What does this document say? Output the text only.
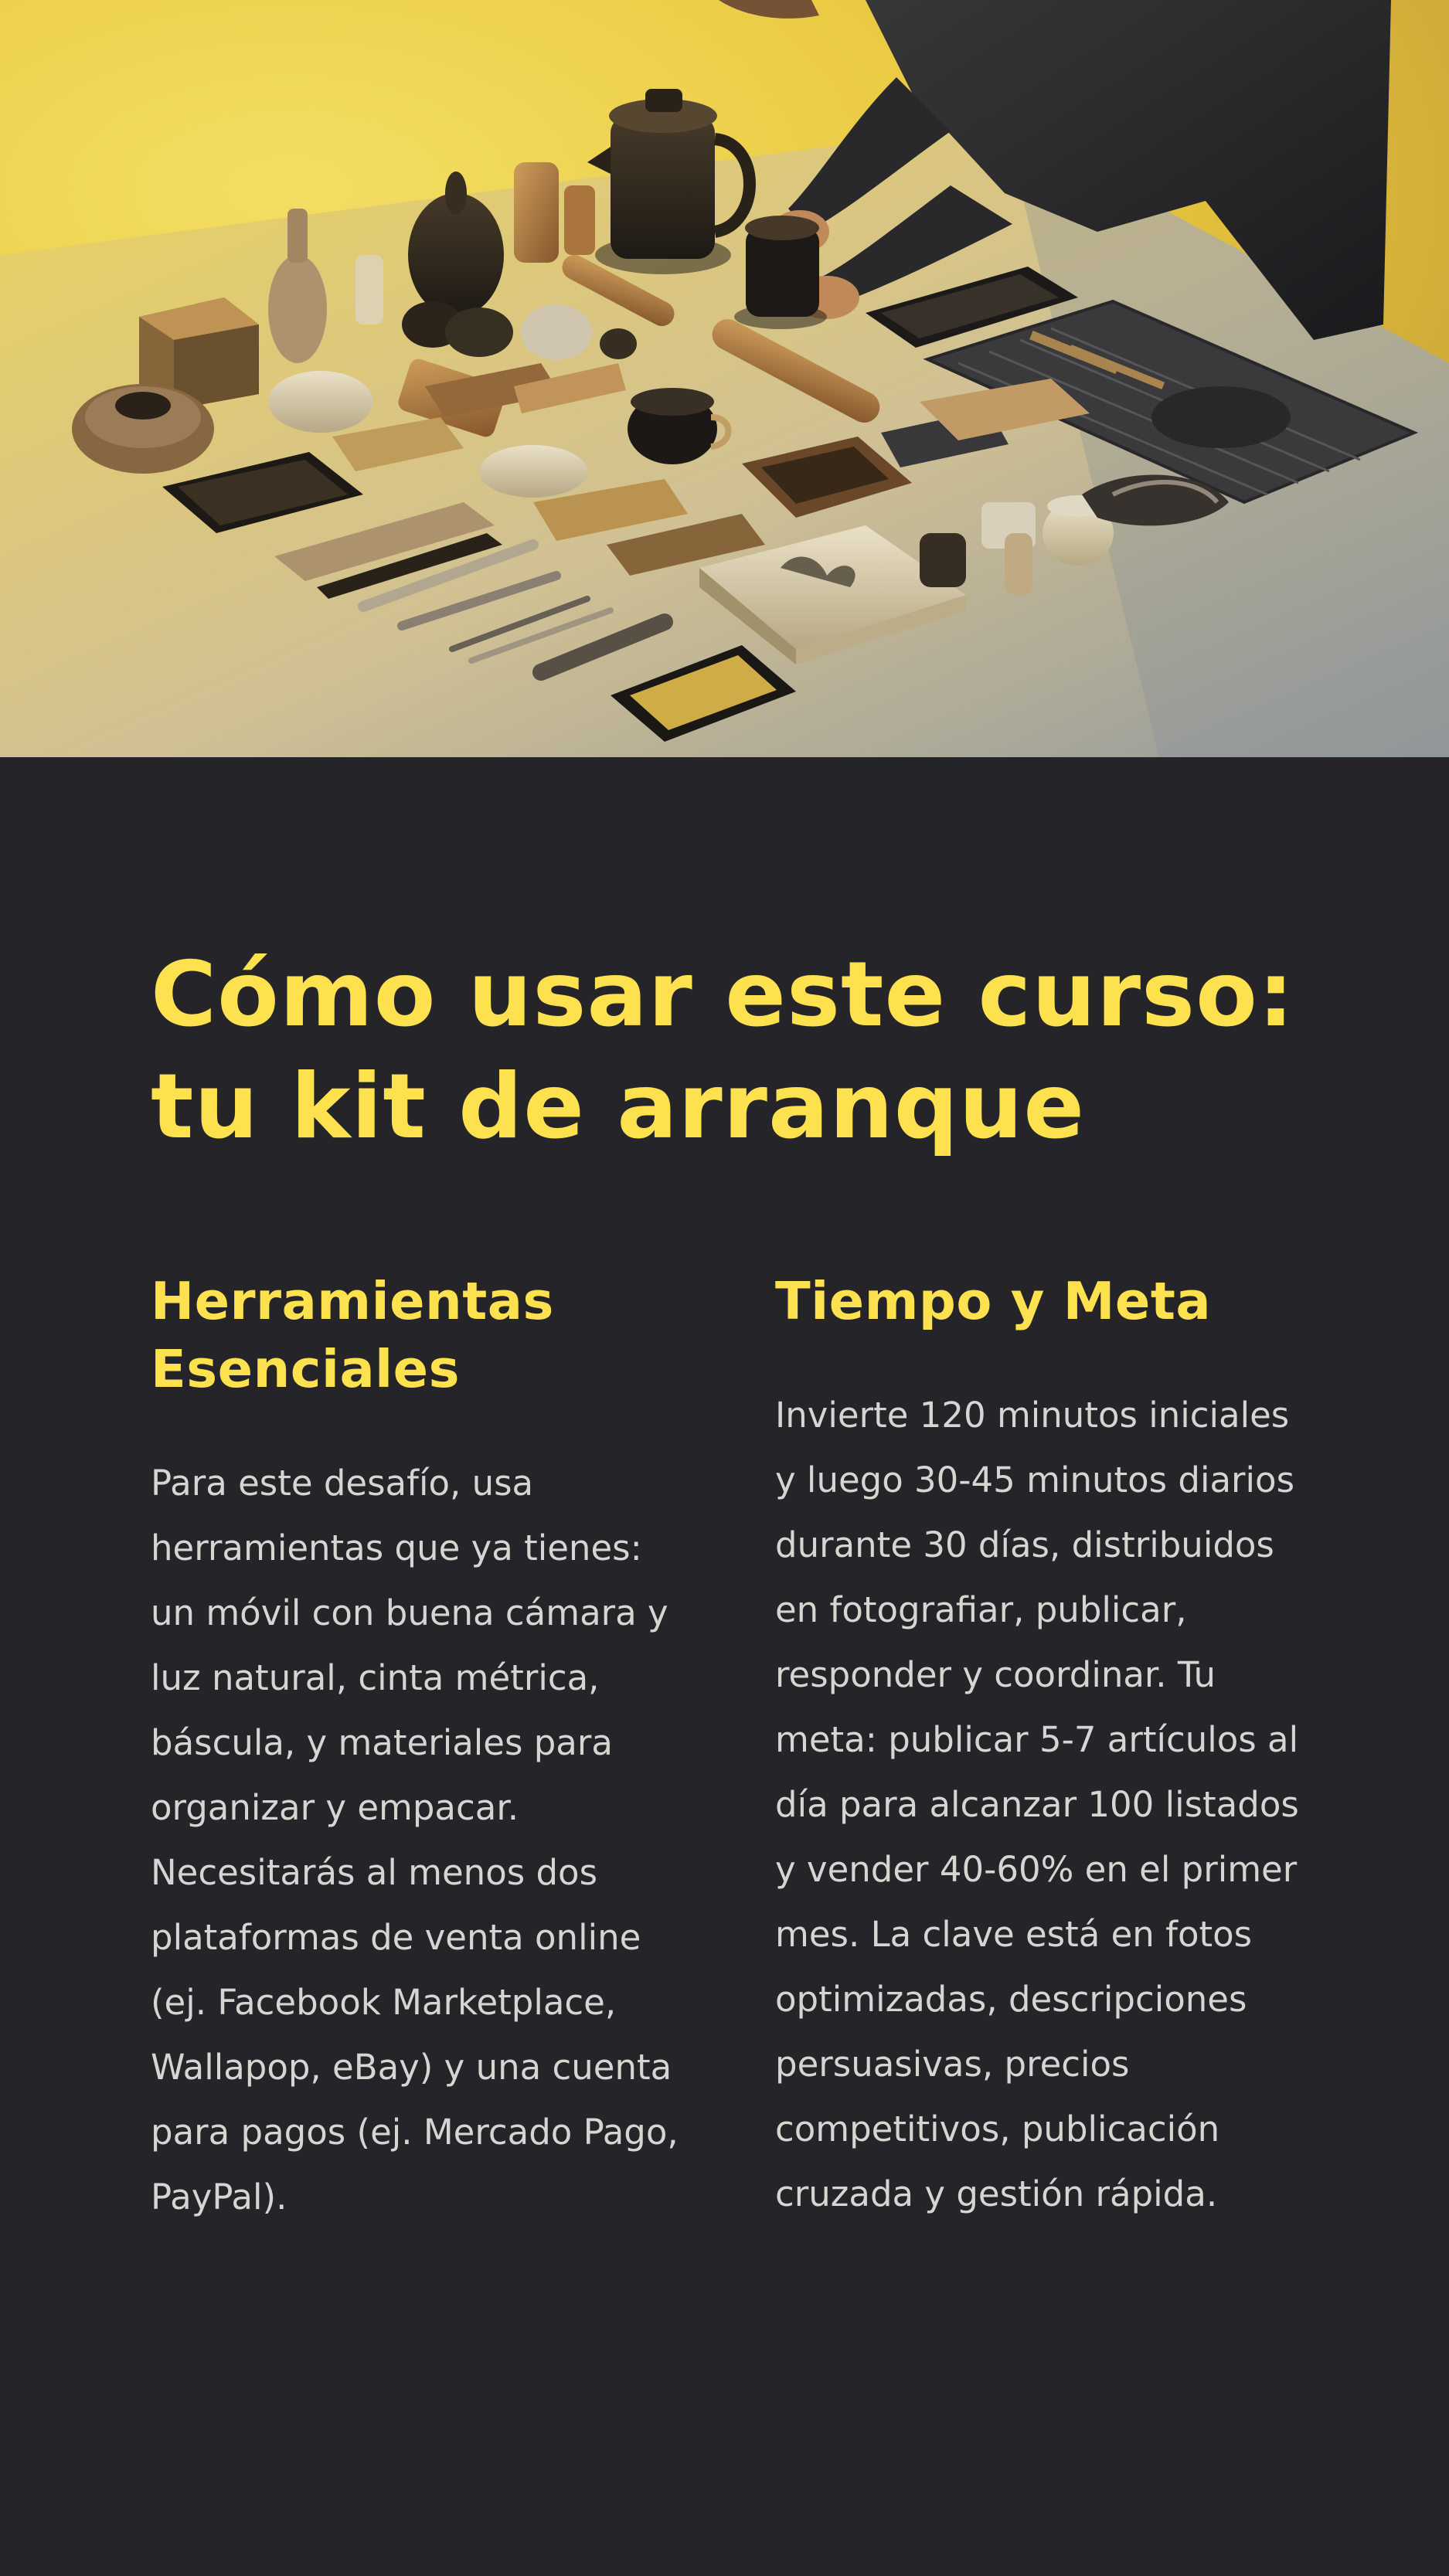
Cómo usar este curso: tu kit de arranque
Herramientas Esenciales

Para este desafío, usa herramientas que ya tienes: un móvil con buena cámara y luz natural, cinta métrica, báscula, y materiales para organizar y empacar. Necesitarás al menos dos plataformas de venta online (ej. Facebook Marketplace, Wallapop, eBay) y una cuenta para pagos (ej. Mercado Pago, PayPal).

Tiempo y Meta

Invierte 120 minutos iniciales y luego 30-45 minutos diarios durante 30 días, distribuidos en fotografiar, publicar, responder y coordinar. Tu meta: publicar 5-7 artículos al día para alcanzar 100 listados y vender 40-60% en el primer mes. La clave está en fotos optimizadas, descripciones persuasivas, precios competitivos, publicación cruzada y gestión rápida.
